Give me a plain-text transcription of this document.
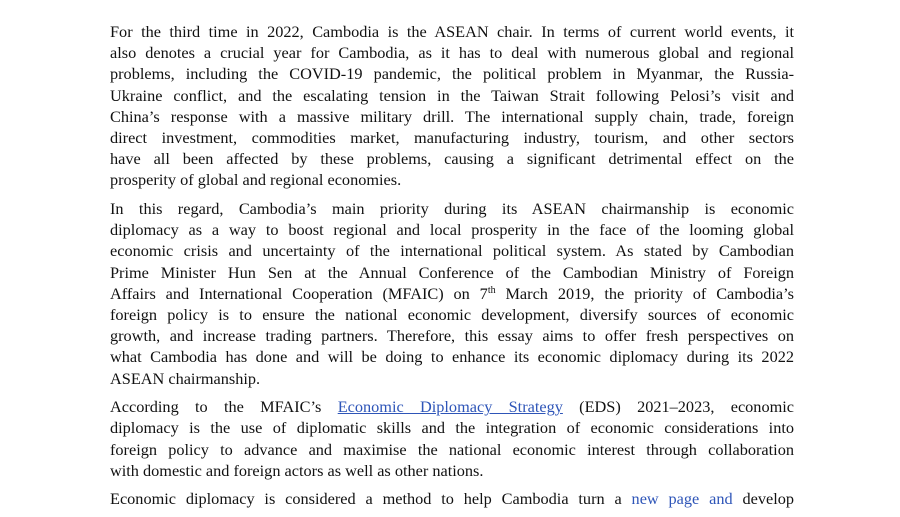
For the third time in 2022, Cambodia is the ASEAN chair. In terms of current world events, it
also denotes a crucial year for Cambodia, as it has to deal with numerous global and regional
problems, including the COVID-19 pandemic, the political problem in Myanmar, the Russia-
Ukraine conflict, and the escalating tension in the Taiwan Strait following Pelosi’s visit and
China’s response with a massive military drill. The international supply chain, trade, foreign
direct investment, commodities market, manufacturing industry, tourism, and other sectors
have all been affected by these problems, causing a significant detrimental effect on the
prosperity of global and regional economies.
In this regard, Cambodia’s main priority during its ASEAN chairmanship is economic
diplomacy as a way to boost regional and local prosperity in the face of the looming global
economic crisis and uncertainty of the international political system. As stated by Cambodian
Prime Minister Hun Sen at the Annual Conference of the Cambodian Ministry of Foreign
Affairs and International Cooperation (MFAIC) on 7th March 2019, the priority of Cambodia’s
foreign policy is to ensure the national economic development, diversify sources of economic
growth, and increase trading partners. Therefore, this essay aims to offer fresh perspectives on
what Cambodia has done and will be doing to enhance its economic diplomacy during its 2022
ASEAN chairmanship.
According to the MFAIC’s Economic Diplomacy Strategy (EDS) 2021–2023, economic
diplomacy is the use of diplomatic skills and the integration of economic considerations into
foreign policy to advance and maximise the national economic interest through collaboration
with domestic and foreign actors as well as other nations.
Economic diplomacy is considered a method to help Cambodia turn a new page and develop
